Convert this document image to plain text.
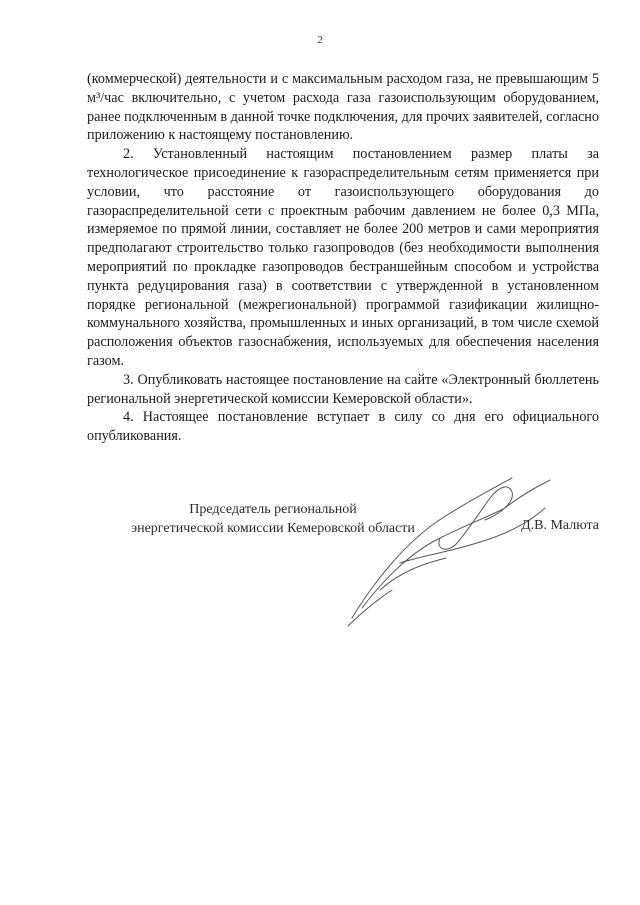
2

(коммерческой) деятельности и с максимальным расходом газа, не превышающим 5 м³/час включительно, с учетом расхода газа газоиспользующим оборудованием, ранее подключенным в данной точке подключения, для прочих заявителей, согласно приложению к настоящему постановлению.

2. Установленный настоящим постановлением размер платы за технологическое присоединение к газораспределительным сетям применяется при условии, что расстояние от газоиспользующего оборудования до газораспределительной сети с проектным рабочим давлением не более 0,3 МПа, измеряемое по прямой линии, составляет не более 200 метров и сами мероприятия предполагают строительство только газопроводов (без необходимости выполнения мероприятий по прокладке газопроводов бестраншейным способом и устройства пункта редуцирования газа) в соответствии с утвержденной в установленном порядке региональной (межрегиональной) программой газификации жилищно-коммунального хозяйства, промышленных и иных организаций, в том числе схемой расположения объектов газоснабжения, используемых для обеспечения населения газом.

3. Опубликовать настоящее постановление на сайте «Электронный бюллетень региональной энергетической комиссии Кемеровской области».

4. Настоящее постановление вступает в силу со дня его официального опубликования.

Председатель региональной
энергетической комиссии Кемеровской области	Д.В. Малюта
